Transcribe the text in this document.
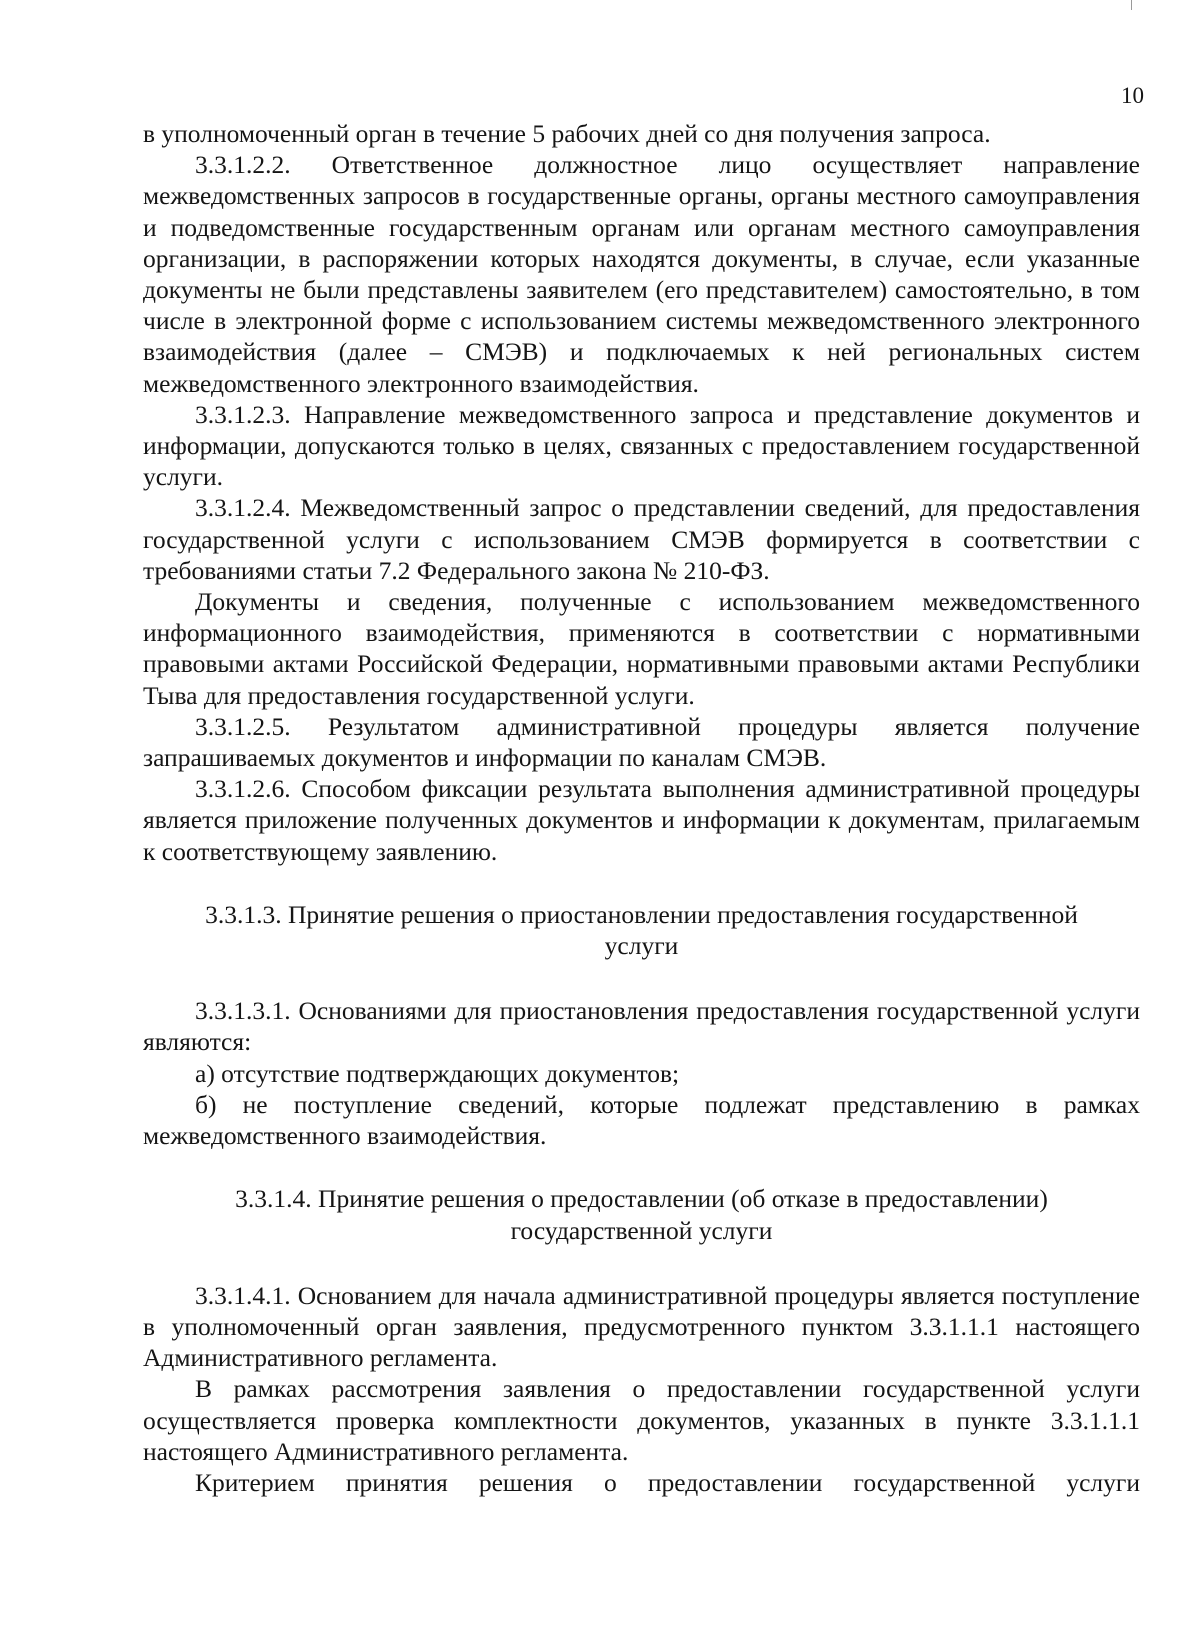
10

в уполномоченный орган в течение 5 рабочих дней со дня получения запроса.

3.3.1.2.2. Ответственное должностное лицо осуществляет направление межведомственных запросов в государственные органы, органы местного самоуправления и подведомственные государственным органам или органам местного самоуправления организации, в распоряжении которых находятся документы, в случае, если указанные документы не были представлены заявителем (его представителем) самостоятельно, в том числе в электронной форме с использованием системы межведомственного электронного взаимодействия (далее – СМЭВ) и подключаемых к ней региональных систем межведомственного электронного взаимодействия.

3.3.1.2.3. Направление межведомственного запроса и представление документов и информации, допускаются только в целях, связанных с предоставлением государственной услуги.

3.3.1.2.4. Межведомственный запрос о представлении сведений, для предоставления государственной услуги с использованием СМЭВ формируется в соответствии с требованиями статьи 7.2 Федерального закона № 210-ФЗ.

Документы и сведения, полученные с использованием межведомственного информационного взаимодействия, применяются в соответствии с нормативными правовыми актами Российской Федерации, нормативными правовыми актами Республики Тыва для предоставления государственной услуги.

3.3.1.2.5. Результатом административной процедуры является получение запрашиваемых документов и информации по каналам СМЭВ.

3.3.1.2.6. Способом фиксации результата выполнения административной процедуры является приложение полученных документов и информации к документам, прилагаемым к соответствующему заявлению.

3.3.1.3. Принятие решения о приостановлении предоставления государственной
услуги

3.3.1.3.1. Основаниями для приостановления предоставления государственной услуги являются:

а) отсутствие подтверждающих документов;

б) не поступление сведений, которые подлежат представлению в рамках межведомственного взаимодействия.

3.3.1.4. Принятие решения о предоставлении (об отказе в предоставлении)
государственной услуги

3.3.1.4.1. Основанием для начала административной процедуры является поступление в уполномоченный орган заявления, предусмотренного пунктом 3.3.1.1.1 настоящего Административного регламента.

В рамках рассмотрения заявления о предоставлении государственной услуги осуществляется проверка комплектности документов, указанных в пункте 3.3.1.1.1 настоящего Административного регламента.

Критерием принятия решения о предоставлении государственной услуги
